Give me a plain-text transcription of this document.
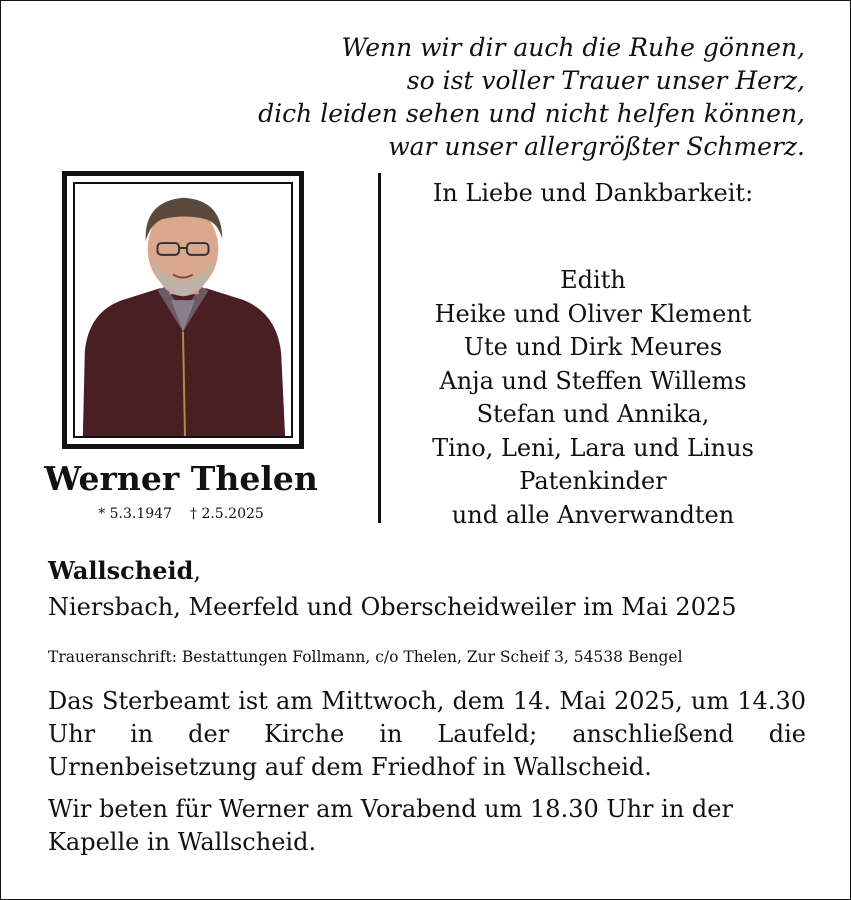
Wenn wir dir auch die Ruhe gönnen,
so ist voller Trauer unser Herz,
dich leiden sehen und nicht helfen können,
war unser allergrößter Schmerz.
Werner Thelen
* 5.3.1947 † 2.5.2025
In Liebe und Dankbarkeit:
Edith
Heike und Oliver Klement
Ute und Dirk Meures
Anja und Steffen Willems
Stefan und Annika,
Tino, Leni, Lara und Linus
Patenkinder
und alle Anverwandten
Wallscheid,
Niersbach, Meerfeld und Oberscheidweiler im Mai 2025
Traueranschrift: Bestattungen Follmann, c/o Thelen, Zur Scheif 3, 54538 Bengel
Das Sterbeamt ist am Mittwoch, dem 14. Mai 2025, um 14.30 Uhr in der Kirche in Laufeld; anschließend die Urnenbeisetzung auf dem Friedhof in Wallscheid.
Wir beten für Werner am Vorabend um 18.30 Uhr in der Kapelle in Wallscheid.
